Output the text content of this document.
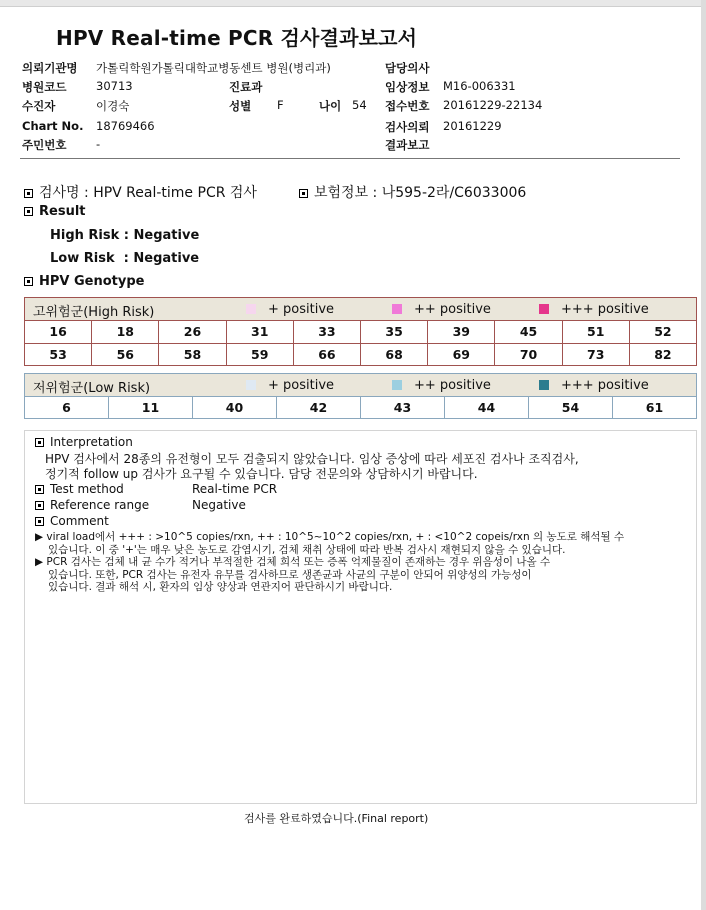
HPV Real-time PCR 검사결과보고서
의뢰기관명 가톨릭학원가톨릭대학교병동센트 병원(병리과)	담당의사
병원코드	30713	진료과	임상정보 M16-006331
수진자	이경숙	성별 F	나이 54 접수번호 20161229-22134
Chart No. 18769466	검사의뢰 20161229
주민번호	-	결과보고
검사명 : HPV Real-time PCR 검사	보험정보 : 나595-2라/C6033006
Result
High Risk : Negative
Low Risk  : Negative
HPV Genotype
고위험군(High Risk)	+ positive	++ positive	+++ positive
16	18	26	31	33	35	39	45	51	52
53	56	58	59	66	68	69	70	73	82
저위험군(Low Risk)	+ positive	++ positive	+++ positive
6	11	40	42	43	44	54	61
Interpretation
HPV 검사에서 28종의 유전형이 모두 검출되지 않았습니다. 임상 증상에 따라 세포진 검사나 조직검사,
정기적 follow up 검사가 요구될 수 있습니다. 담당 전문의와 상담하시기 바랍니다.
Test method	Real-time PCR
Reference range	Negative
Comment
▶ viral load에서 +++ : >10^5 copies/rxn, ++ : 10^5~10^2 copies/rxn, + : <10^2 copeis/rxn 의 농도로 해석될 수
있습니다. 이 중 '+'는 매우 낮은 농도로 감염시기, 검체 채취 상태에 따라 반복 검사시 재현되지 않을 수 있습니다.
▶ PCR 검사는 검체 내 균 수가 적거나 부적절한 검체 희석 또는 증폭 억제물질이 존재하는 경우 위음성이 나올 수
있습니다. 또한, PCR 검사는 유전자 유무를 검사하므로 생존균과 사균의 구분이 안되어 위양성의 가능성이
있습니다. 결과 해석 시, 환자의 임상 양상과 연관지어 판단하시기 바랍니다.
검사를 완료하였습니다.(Final report)
